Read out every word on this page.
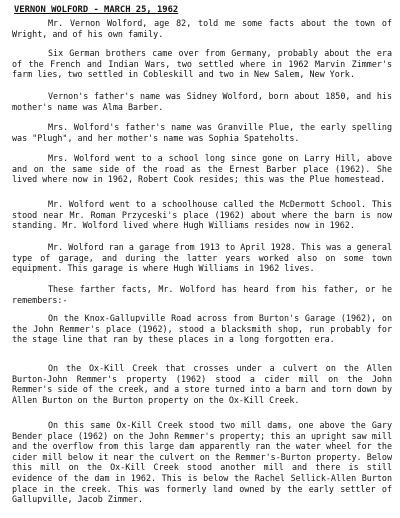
VERNON WOLFORD - MARCH 25, 1962

Mr. Vernon Wolford, age 82, told me some facts about the town of Wright, and of his own family.

Six German brothers came over from Germany, probably about the era of the French and Indian Wars, two settled where in 1962 Marvin Zimmer's farm lies, two settled in Cobleskill and two in New Salem, New York.

Vernon's father's name was Sidney Wolford, born about 1850, and his mother's name was Alma Barber.

Mrs. Wolford's father's name was Granville Plue, the early spelling was "Plugh", and her mother's name was Sophia Spateholts.

Mrs. Wolford went to a school long since gone on Larry Hill, above and on the same side of the road as the Ernest Barber place (1962). She lived where now in 1962, Robert Cook resides; this was the Plue homestead.

Mr. Wolford went to a schoolhouse called the McDermott School. This stood near Mr. Roman Przyceski's place (1962) about where the barn is now standing. Mr. Wolford lived where Hugh Williams resides now in 1962.

Mr. Wolford ran a garage from 1913 to April 1928. This was a general type of garage, and during the latter years worked also on some town equipment. This garage is where Hugh Williams in 1962 lives.

These farther facts, Mr. Wolford has heard from his father, or he remembers:-

On the Knox-Gallupville Road across from Burton's Garage (1962), on the John Remmer's place (1962), stood a blacksmith shop, run probably for the stage line that ran by these places in a long forgotten era.

On the Ox-Kill Creek that crosses under a culvert on the Allen Burton-John Remmer's property (1962) stood a cider mill on the John Remmer's side of the creek, and a store turned into a barn and torn down by Allen Burton on the Burton property on the Ox-Kill Creek.

On this same Ox-Kill Creek stood two mill dams, one above the Gary Bender place (1962) on the John Remmer's property; this an upright saw mill and the overflow from this large dam apparently ran the water wheel for the cider mill below it near the culvert on the Remmer's-Burton property. Below this mill on the Ox-Kill Creek stood another mill and there is still evidence of the dam in 1962. This is below the Rachel Sellick-Allen Burton place in the creek. This was formerly land owned by the early settler of Gallupville, Jacob Zimmer.
